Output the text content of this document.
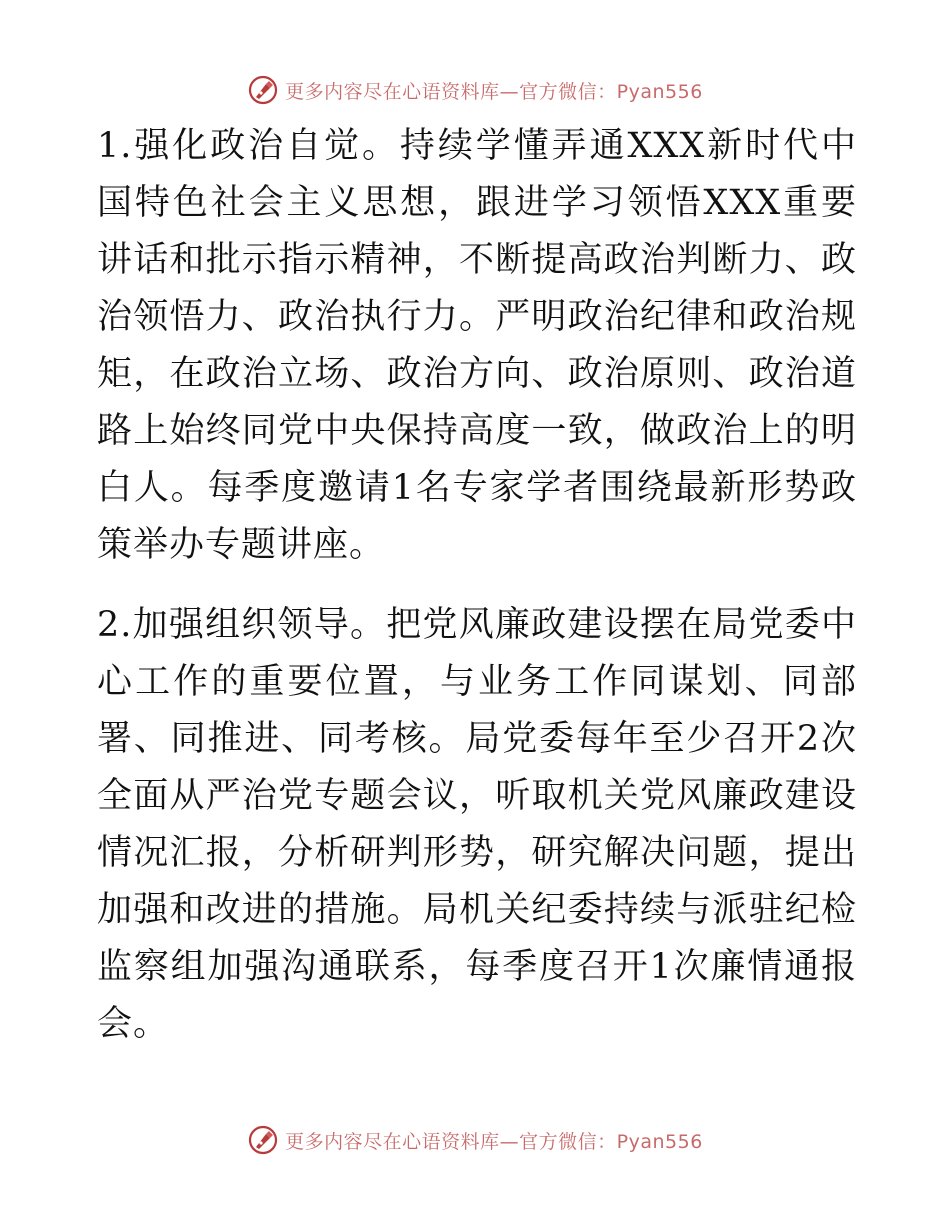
更多内容尽在心语资料库—官方微信：Pyan556

1.强化政治自觉。持续学懂弄通XXX新时代中国特色社会主义思想，跟进学习领悟XXX重要讲话和批示指示精神，不断提高政治判断力、政治领悟力、政治执行力。严明政治纪律和政治规矩，在政治立场、政治方向、政治原则、政治道路上始终同党中央保持高度一致，做政治上的明白人。每季度邀请1名专家学者围绕最新形势政策举办专题讲座。

2.加强组织领导。把党风廉政建设摆在局党委中心工作的重要位置，与业务工作同谋划、同部署、同推进、同考核。局党委每年至少召开2次全面从严治党专题会议，听取机关党风廉政建设情况汇报，分析研判形势，研究解决问题，提出加强和改进的措施。局机关纪委持续与派驻纪检监察组加强沟通联系，每季度召开1次廉情通报会。

更多内容尽在心语资料库—官方微信：Pyan556
